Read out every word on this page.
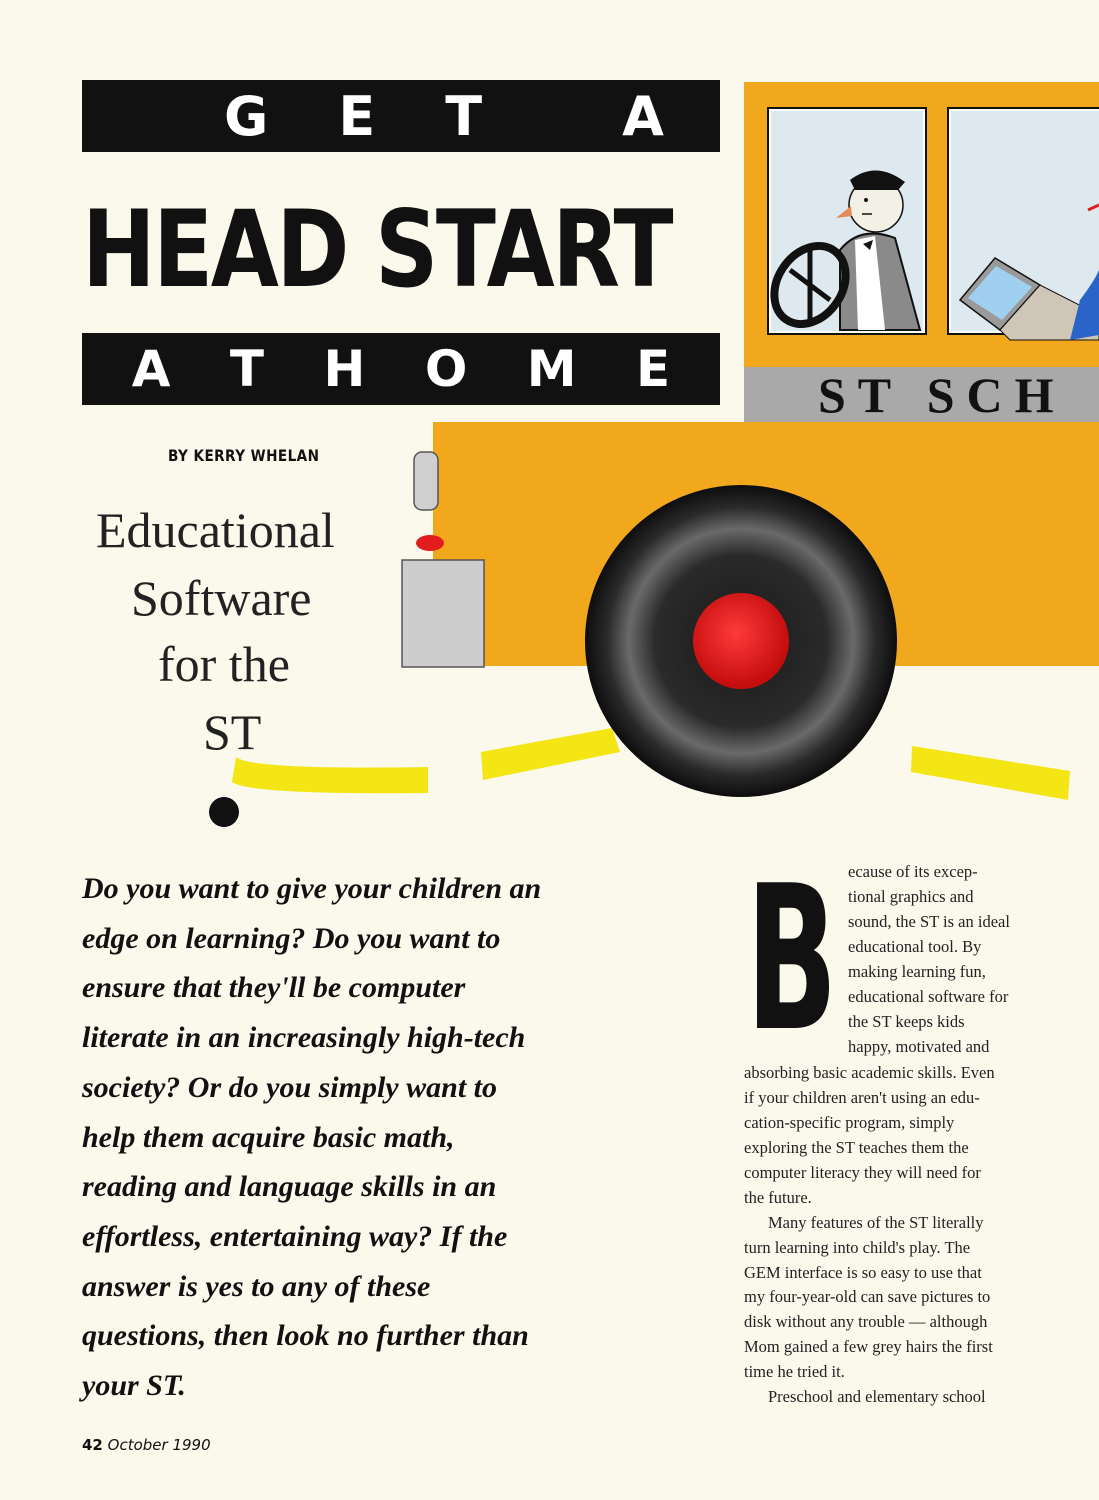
ST SCH
G E T	A
HEAD START
A T H O M E
BY KERRY WHELAN
Educational
Software
for the
ST
Do you want to give your children an
edge on learning? Do you want to
ensure that they'll be computer
literate in an increasingly high-tech
society? Or do you simply want to
help them acquire basic math,
reading and language skills in an
effortless, entertaining way? If the
answer is yes to any of these
questions, then look no further than
your ST.
B ecause of its excep-
tional graphics and
sound, the ST is an ideal
educational tool. By
making learning fun,
educational software for
the ST keeps kids
happy, motivated and
absorbing basic academic skills. Even
if your children aren't using an edu-
cation-specific program, simply
exploring the ST teaches them the
computer literacy they will need for
the future.
Many features of the ST literally
turn learning into child's play. The
GEM interface is so easy to use that
my four-year-old can save pictures to
disk without any trouble — although
Mom gained a few grey hairs the first
time he tried it.
Preschool and elementary school
42 October 1990
